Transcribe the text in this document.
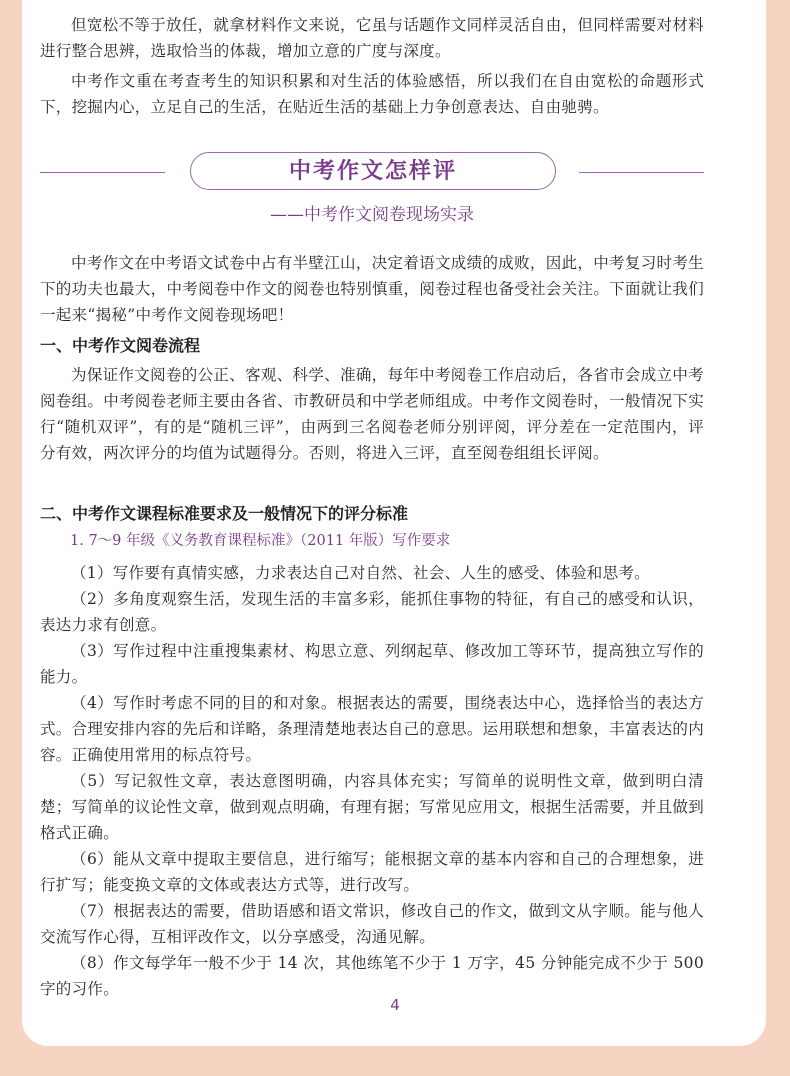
但宽松不等于放任，就拿材料作文来说，它虽与话题作文同样灵活自由，但同样需要对材料进行整合思辨，选取恰当的体裁，增加立意的广度与深度。

中考作文重在考查考生的知识积累和对生活的体验感悟，所以我们在自由宽松的命题形式下，挖掘内心，立足自己的生活，在贴近生活的基础上力争创意表达、自由驰骋。

中考作文怎样评
——中考作文阅卷现场实录

中考作文在中考语文试卷中占有半壁江山，决定着语文成绩的成败，因此，中考复习时考生下的功夫也最大，中考阅卷中作文的阅卷也特别慎重，阅卷过程也备受社会关注。下面就让我们一起来“揭秘”中考作文阅卷现场吧！

一、中考作文阅卷流程

为保证作文阅卷的公正、客观、科学、准确，每年中考阅卷工作启动后，各省市会成立中考阅卷组。中考阅卷老师主要由各省、市教研员和中学老师组成。中考作文阅卷时，一般情况下实行“随机双评”，有的是“随机三评”，由两到三名阅卷老师分别评阅，评分差在一定范围内，评分有效，两次评分的均值为试题得分。否则，将进入三评，直至阅卷组组长评阅。

二、中考作文课程标准要求及一般情况下的评分标准
1. 7～9 年级《义务教育课程标准》（2011 年版）写作要求

（1）写作要有真情实感，力求表达自己对自然、社会、人生的感受、体验和思考。

（2）多角度观察生活，发现生活的丰富多彩，能抓住事物的特征，有自己的感受和认识，表达力求有创意。

（3）写作过程中注重搜集素材、构思立意、列纲起草、修改加工等环节，提高独立写作的能力。

（4）写作时考虑不同的目的和对象。根据表达的需要，围绕表达中心，选择恰当的表达方式。合理安排内容的先后和详略，条理清楚地表达自己的意思。运用联想和想象，丰富表达的内容。正确使用常用的标点符号。

（5）写记叙性文章，表达意图明确，内容具体充实；写简单的说明性文章，做到明白清楚；写简单的议论性文章，做到观点明确，有理有据；写常见应用文，根据生活需要，并且做到格式正确。

（6）能从文章中提取主要信息，进行缩写；能根据文章的基本内容和自己的合理想象，进行扩写；能变换文章的文体或表达方式等，进行改写。

（7）根据表达的需要，借助语感和语文常识，修改自己的作文，做到文从字顺。能与他人交流写作心得，互相评改作文，以分享感受，沟通见解。

（8）作文每学年一般不少于 14 次，其他练笔不少于 1 万字，45 分钟能完成不少于 500 字的习作。

4
